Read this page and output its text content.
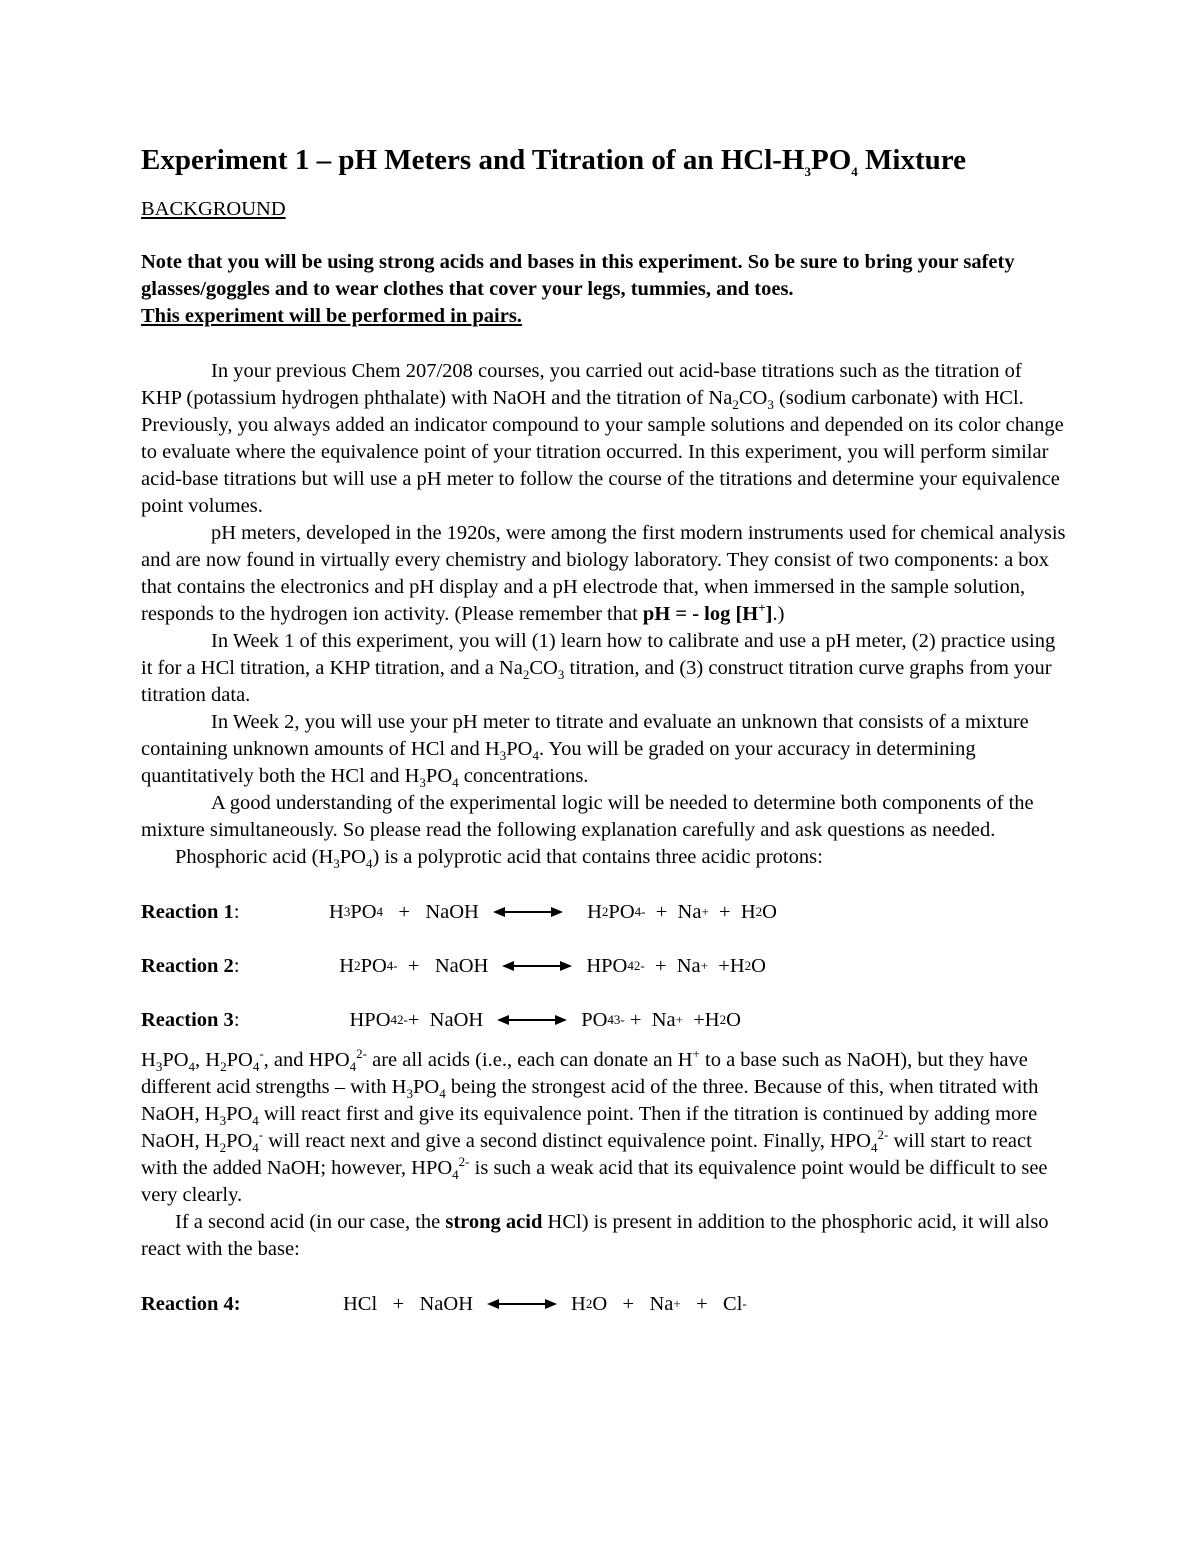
Experiment 1 – pH Meters and Titration of an HCl-$H_3PO_4$ Mixture
BACKGROUND
Note that you will be using strong acids and bases in this experiment. So be sure to bring your safety glasses/goggles and to wear clothes that cover your legs, tummies, and toes.
This experiment will be performed in pairs.

In your previous Chem 207/208 courses, you carried out acid-base titrations such as the titration of KHP (potassium hydrogen phthalate) with NaOH and the titration of $Na_2CO_3$ (sodium carbonate) with HCl. Previously, you always added an indicator compound to your sample solutions and depended on its color change to evaluate where the equivalence point of your titration occurred. In this experiment, you will perform similar acid-base titrations but will use a pH meter to follow the course of the titrations and determine your equivalence point volumes.

pH meters, developed in the 1920s, were among the first modern instruments used for chemical analysis and are now found in virtually every chemistry and biology laboratory. They consist of two components: a box that contains the electronics and pH display and a pH electrode that, when immersed in the sample solution, responds to the hydrogen ion activity. (Please remember that pH = - log [H+].)

In Week 1 of this experiment, you will (1) learn how to calibrate and use a pH meter, (2) practice using it for a HCl titration, a KHP titration, and a $Na_2CO_3$ titration, and (3) construct titration curve graphs from your titration data.

In Week 2, you will use your pH meter to titrate and evaluate an unknown that consists of a mixture containing unknown amounts of HCl and $H_3PO_4$. You will be graded on your accuracy in determining quantitatively both the HCl and $H_3PO_4$ concentrations.

A good understanding of the experimental logic will be needed to determine both components of the mixture simultaneously. So please read the following explanation carefully and ask questions as needed.

Phosphoric acid $(H_3PO_4)$ is a polyprotic acid that contains three acidic protons:

Reaction 1:	H 3 PO 4 + NaOH	H 2 PO 4 - + Na + + H 2 O
Reaction 2:	H 2 PO 4 - + NaOH	HPO 4 2- + Na + + H 2 O
Reaction 3:	HPO 4 2- + NaOH	PO 4 3- + Na + + H 2 O

$H_3PO_4$, $H_2PO_4^-$, and $HPO_4^{2-}$ are all acids (i.e., each can donate an H+ to a base such as NaOH), but they have different acid strengths – with $H_3PO_4$ being the strongest acid of the three. Because of this, when titrated with NaOH, $H_3PO_4$ will react first and give its equivalence point. Then if the titration is continued by adding more NaOH, $H_2PO_4^-$ will react next and give a second distinct equivalence point. Finally, $HPO_4^{2-}$ will start to react with the added NaOH; however, $HPO_4^{2-}$ is such a weak acid that its equivalence point would be difficult to see very clearly.

If a second acid (in our case, the strong acid HCl) is present in addition to the phosphoric acid, it will also react with the base:

Reaction 4:	HCl + NaOH	H 2 O   + Na + + Cl -
